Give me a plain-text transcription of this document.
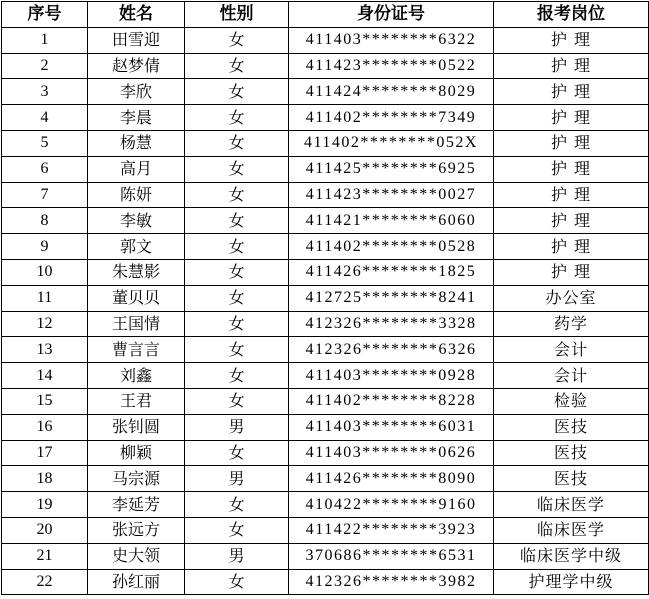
序号	姓名	性别	身份证号	报考岗位
1	田雪迎	女	411403********6322	护 理
2	赵梦倩	女	411423********0522	护 理
3	李欣	女	411424********8029	护 理
4	李晨	女	411402********7349	护 理
5	杨慧	女	411402********052X	护 理
6	高月	女	411425********6925	护 理
7	陈妍	女	411423********0027	护 理
8	李敏	女	411421********6060	护 理
9	郭文	女	411402********0528	护 理
10	朱慧影	女	411426********1825	护 理
11	董贝贝	女	412725********8241	办公室
12	王国情	女	412326********3328	药学
13	曹言言	女	412326********6326	会计
14	刘鑫	女	411403********0928	会计
15	王君	女	411402********8228	检验
16	张钊圆	男	411403********6031	医技
17	柳颖	女	411403********0626	医技
18	马宗源	男	411426********8090	医技
19	李延芳	女	410422********9160	临床医学
20	张远方	女	411422********3923	临床医学
21	史大领	男	370686********6531	临床医学中级
22	孙红丽	女	412326********3982	护理学中级
